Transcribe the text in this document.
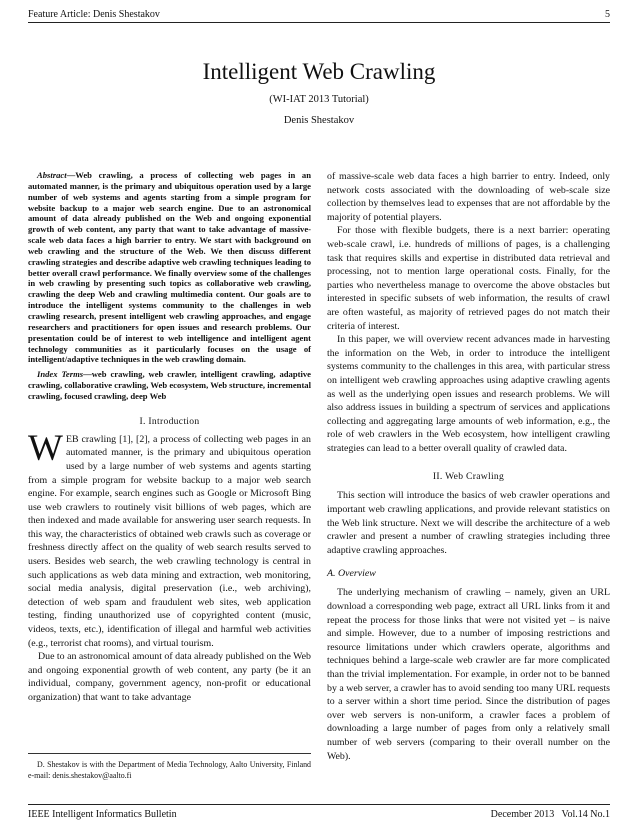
Feature Article: Denis Shestakov	5
Intelligent Web Crawling
(WI-IAT 2013 Tutorial)
Denis Shestakov

Abstract—Web crawling, a process of collecting web pages in an automated manner, is the primary and ubiquitous operation used by a large number of web systems and agents starting from a simple program for website backup to a major web search engine. Due to an astronomical amount of data already published on the Web and ongoing exponential growth of web content, any party that want to take advantage of massive-scale web data faces a high barrier to entry. We start with background on web crawling and the structure of the Web. We then discuss different crawling strategies and describe adaptive web crawling techniques leading to better overall crawl performance. We finally overview some of the challenges in web crawling by presenting such topics as collaborative web crawling, crawling the deep Web and crawling multimedia content. Our goals are to introduce the intelligent systems community to the challenges in web crawling research, present intelligent web crawling approaches, and engage researchers and practitioners for open issues and research problems. Our presentation could be of interest to web intelligence and intelligent agent technology communities as it particularly focuses on the usage of intelligent/adaptive techniques in the web crawling domain.

Index Terms—web crawling, web crawler, intelligent crawling, adaptive crawling, collaborative crawling, Web ecosystem, Web structure, incremental crawling, focused crawling, deep Web

I. Introduction

WEB crawling [1], [2], a process of collecting web pages in an automated manner, is the primary and ubiquitous operation used by a large number of web systems and agents starting from a simple program for website backup to a major web search engine. For example, search engines such as Google or Microsoft Bing use web crawlers to routinely visit billions of web pages, which are then indexed and made available for answering user search requests. In this way, the characteristics of obtained web crawls such as coverage or freshness directly affect on the quality of web search results served to users. Besides web search, the web crawling technology is central in such applications as web data mining and extraction, web monitoring, social media analysis, digital preservation (i.e., web archiving), detection of web spam and fraudulent web sites, web application testing, finding unauthorized use of copyrighted content (music, videos, texts, etc.), identification of illegal and harmful web activities (e.g., terrorist chat rooms), and virtual tourism.

Due to an astronomical amount of data already published on the Web and ongoing exponential growth of web content, any party (be it an individual, company, government agency, non-profit or educational organization) that want to take advantage

D. Shestakov is with the Department of Media Technology, Aalto University, Finland e-mail: denis.shestakov@aalto.fi

of massive-scale web data faces a high barrier to entry. Indeed, only network costs associated with the downloading of web-scale size collection by themselves lead to expenses that are not affordable by the majority of potential players.

For those with flexible budgets, there is a next barrier: operating web-scale crawl, i.e. hundreds of millions of pages, is a challenging task that requires skills and expertise in distributed data retrieval and processing, not to mention large operational costs. Finally, for the parties who nevertheless manage to overcome the above obstacles but interested in specific subsets of web information, the results of crawl are often wasteful, as majority of retrieved pages do not match their criteria of interest.

In this paper, we will overview recent advances made in harvesting the information on the Web, in order to introduce the intelligent systems community to the challenges in this area, with particular stress on intelligent web crawling approaches using adaptive crawling agents as well as the underlying open issues and research problems. We will also address issues in building a spectrum of services and applications collecting and aggregating large amounts of web information, e.g., the role of web crawlers in the Web ecosystem, how intelligent crawling strategies can lead to a better overall quality of crawled data.

II. Web Crawling

This section will introduce the basics of web crawler operations and important web crawling applications, and provide relevant statistics on the Web link structure. Next we will describe the architecture of a web crawler and present a number of crawling strategies including three adaptive crawling approaches.

A. Overview

The underlying mechanism of crawling – namely, given an URL download a corresponding web page, extract all URL links from it and repeat the process for those links that were not visited yet – is naive and simple. However, due to a number of imposing restrictions and resource limitations under which crawlers operate, algorithms and techniques behind a large-scale web crawler are far more complicated than the trivial implementation. For example, in order not to be banned by a web server, a crawler has to avoid sending too many URL requests to a server within a short time period. Since the distribution of pages over web servers is non-uniform, a crawler faces a problem of downloading a large number of pages from only a relatively small number of web servers (comparing to their overall number on the Web).

IEEE Intelligent Informatics Bulletin	December 2013   Vol.14 No.1
